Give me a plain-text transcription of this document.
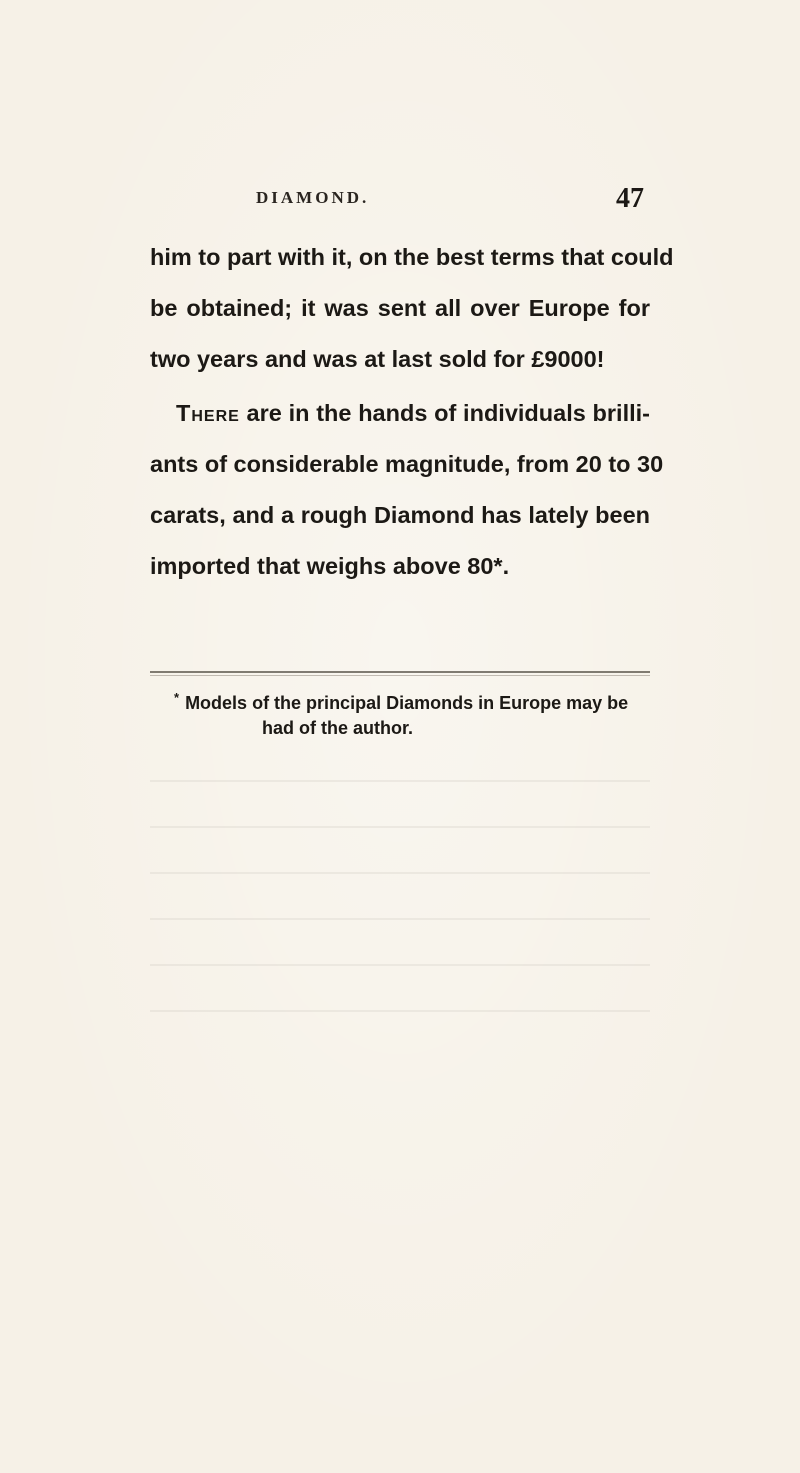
DIAMOND.	47
him to part with it, on the best terms that could
be obtained; it was sent all over Europe for
two years and was at last sold for £9000!
There are in the hands of individuals brilli-
ants of considerable magnitude, from 20 to 30
carats, and a rough Diamond has lately been
imported that weighs above 80*.
* Models of the principal Diamonds in Europe may be
had of the author.
